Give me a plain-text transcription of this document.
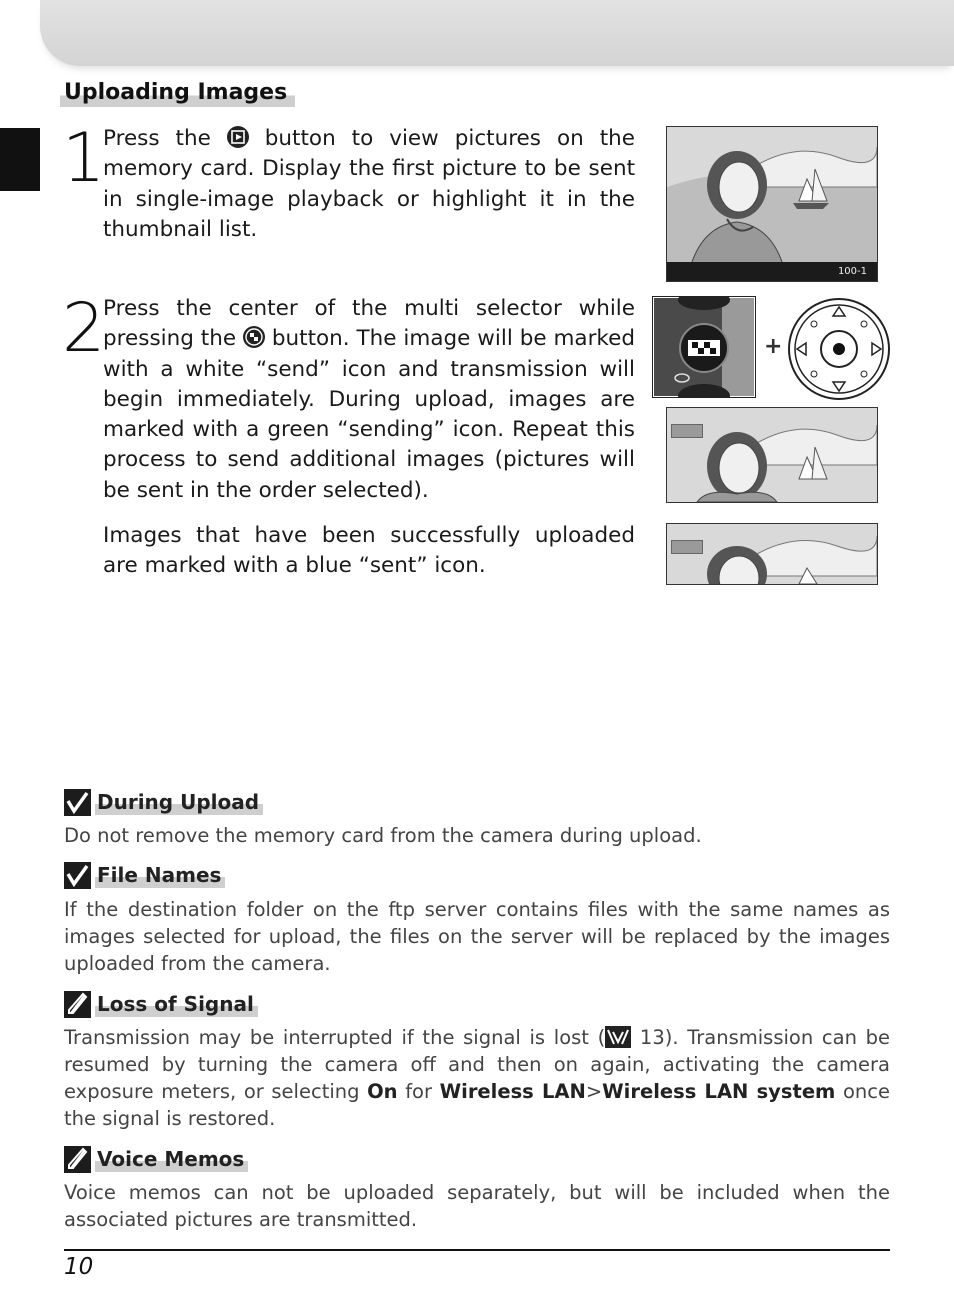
Uploading Images
1
Press the
button to view pictures on the memory card. Display the first picture to be sent in single-image playback or highlight it in the thumbnail list.
100-1
2
Press the center of the multi selector while pressing the
button. The image will be marked with a white “send” icon and transmission will begin immediately. During upload, images are marked with a green “sending” icon. Repeat this process to send additional images (pictures will be sent in the order selected).
Images that have been successfully uploaded are marked with a blue “sent” icon.
+
During Upload
Do not remove the memory card from the camera during upload.
File Names
If the destination folder on the ftp server contains files with the same names as images selected for upload, the files on the server will be replaced by the images uploaded from the camera.
Loss of Signal
Transmission may be interrupted if the signal is lost ( 13). Transmission can be resumed by turning the camera off and then on again, activating the camera exposure meters, or selecting On for Wireless LAN>Wireless LAN system once the signal is restored.
Voice Memos
Voice memos can not be uploaded separately, but will be included when the associated pictures are transmitted.
10
